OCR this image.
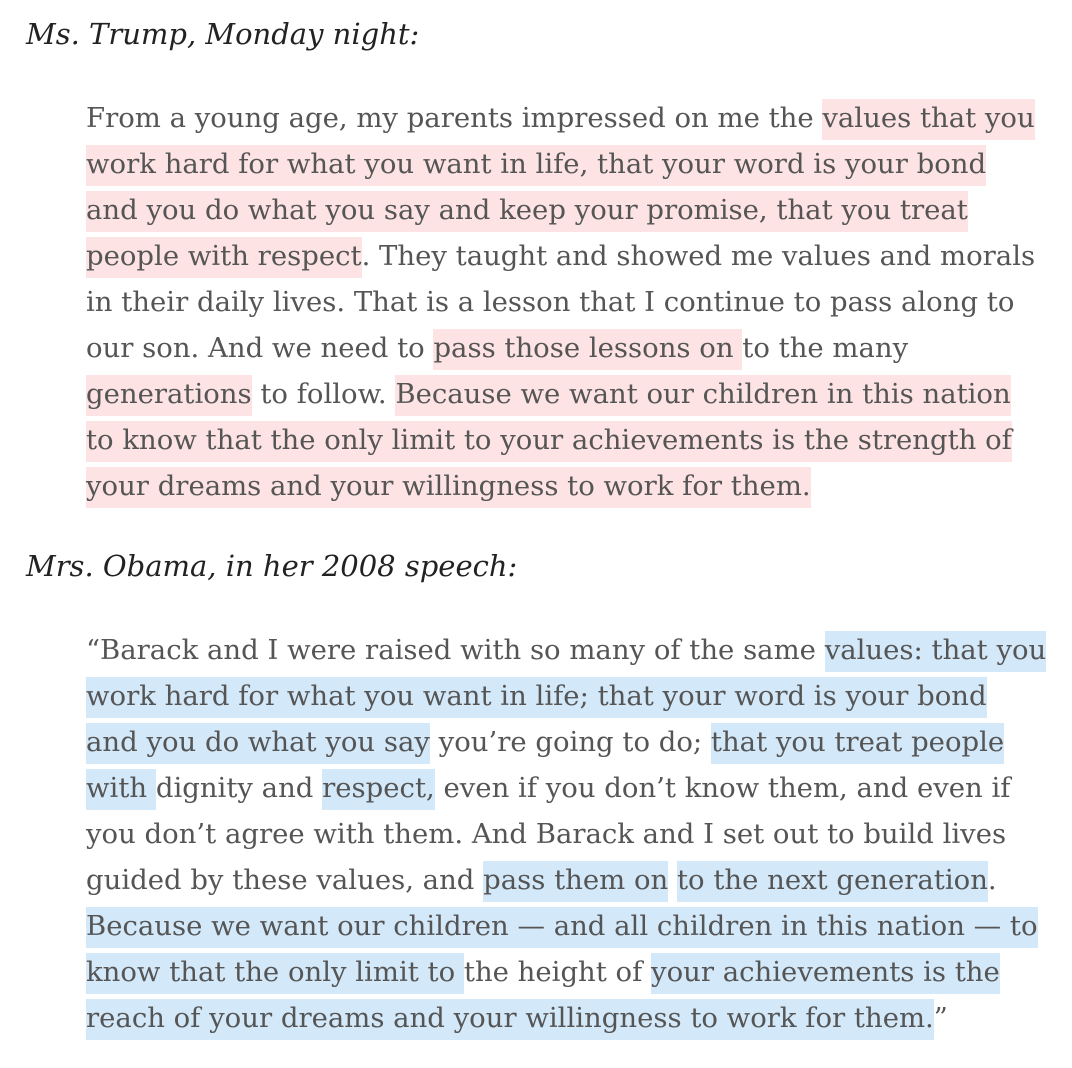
Ms. Trump, Monday night:
From a young age, my parents impressed on me the values that you
work hard for what you want in life, that your word is your bond
and you do what you say and keep your promise, that you treat
people with respect. They taught and showed me values and morals
in their daily lives. That is a lesson that I continue to pass along to
our son. And we need to pass those lessons on to the many
generations to follow. Because we want our children in this nation
to know that the only limit to your achievements is the strength of
your dreams and your willingness to work for them.
Mrs. Obama, in her 2008 speech:
“Barack and I were raised with so many of the same values: that you
work hard for what you want in life; that your word is your bond
and you do what you say you’re going to do; that you treat people
with dignity and respect, even if you don’t know them, and even if
you don’t agree with them. And Barack and I set out to build lives
guided by these values, and pass them on to the next generation.
Because we want our children — and all children in this nation — to
know that the only limit to the height of your achievements is the
reach of your dreams and your willingness to work for them.”
